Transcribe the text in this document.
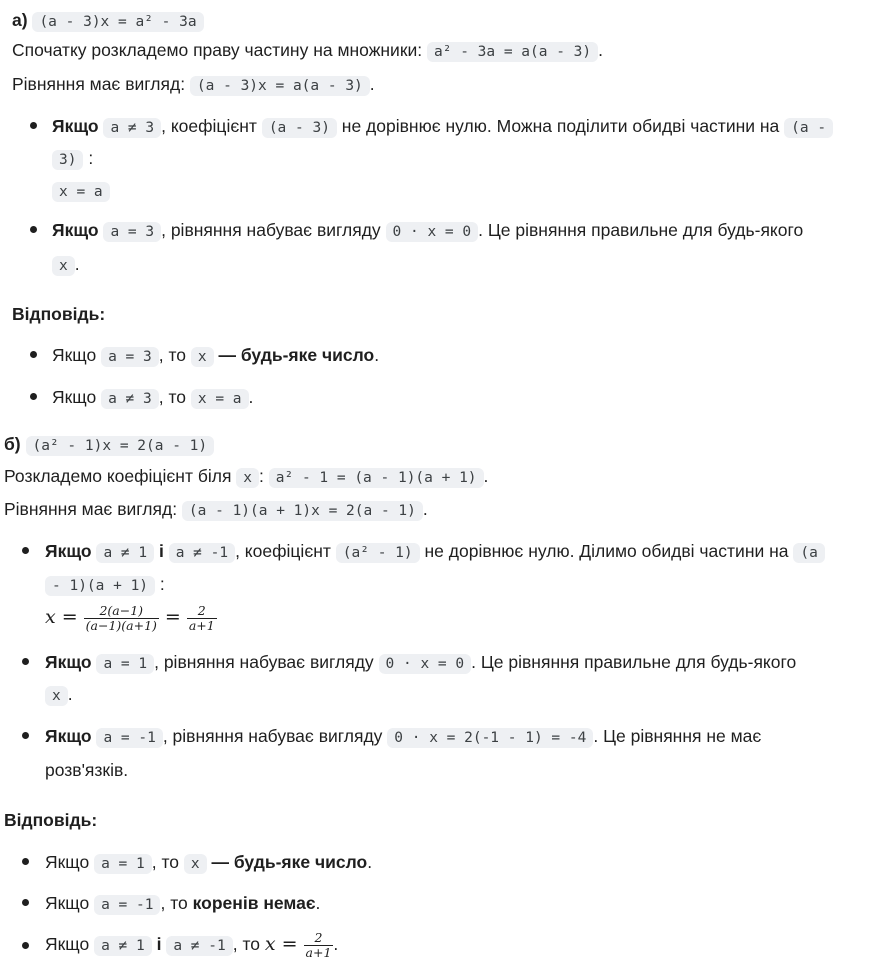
а) (a - 3)x = a² - 3a
Спочатку розкладемо праву частину на множники: a² - 3a = a(a - 3) .
Рівняння має вигляд: (a - 3)x = a(a - 3) .
Якщо a ≠ 3 , коефіцієнт (a - 3) не дорівнює нулю. Можна поділити обидві частини на (a -
3) :
x = a
Якщо a = 3 , рівняння набуває вигляду 0 · x = 0 . Це рівняння правильне для будь-якого
x .
Відповідь:
Якщо a = 3 , то x — будь-яке число.
Якщо a ≠ 3 , то x = a .
б) (a² - 1)x = 2(a - 1)
Розкладемо коефіцієнт біля x : a² - 1 = (a - 1)(a + 1) .
Рівняння має вигляд: (a - 1)(a + 1)x = 2(a - 1) .
Якщо a ≠ 1 і a ≠ -1 , коефіцієнт (a² - 1) не дорівнює нулю. Ділимо обидві частини на (a
- 1)(a + 1) :
$x = \frac{2(a-1)}{(a-1)(a+1)} = \frac{2}{a+1}$
Якщо a = 1 , рівняння набуває вигляду 0 · x = 0 . Це рівняння правильне для будь-якого
x .
Якщо a = -1 , рівняння набуває вигляду 0 · x = 2(-1 - 1) = -4 . Це рівняння не має
розв'язків.
Відповідь:
Якщо a = 1 , то x — будь-яке число.
Якщо a = -1 , то коренів немає.
Якщо a ≠ 1 і a ≠ -1 , то $x = \frac{2}{a+1}$ .
